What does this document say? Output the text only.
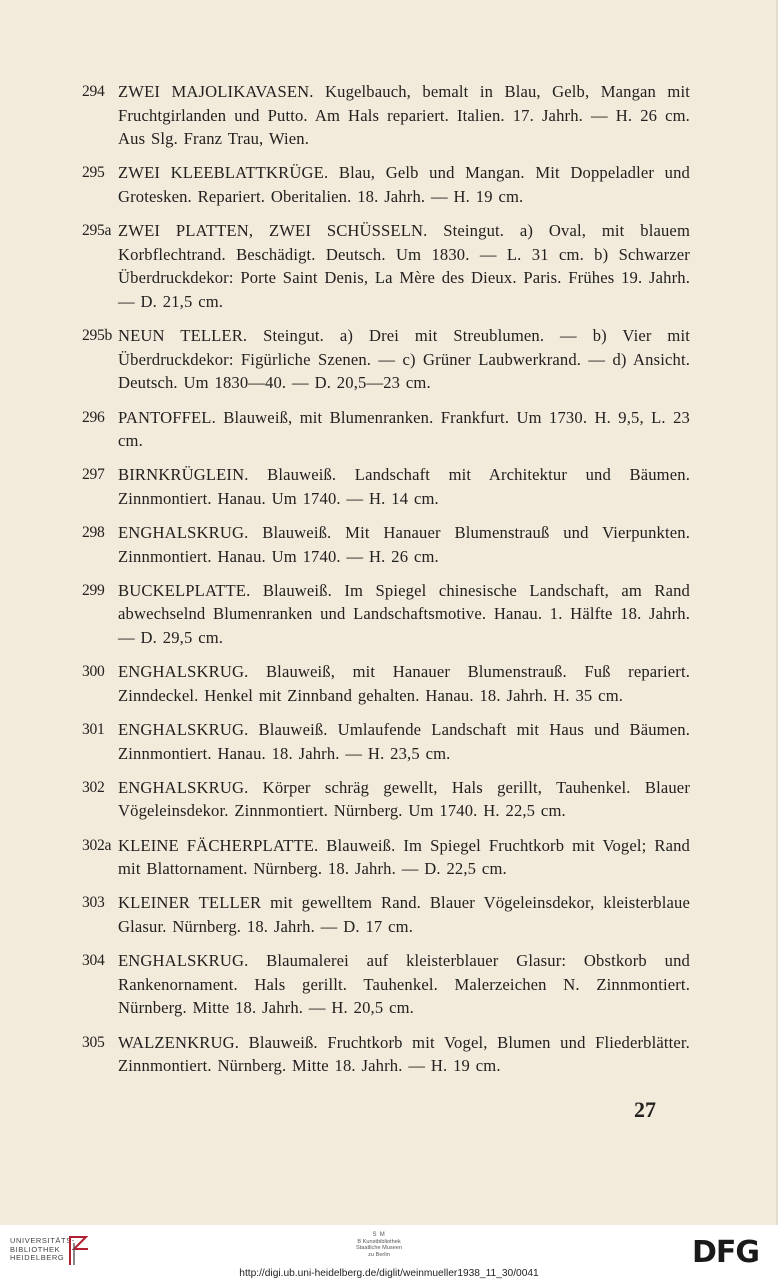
294 ZWEI MAJOLIKAVASEN. Kugelbauch, bemalt in Blau, Gelb, Mangan mit Fruchtgirlanden und Putto. Am Hals repariert. Italien. 17. Jahrh. — H. 26 cm. Aus Slg. Franz Trau, Wien.
295 ZWEI KLEEBLATTKRÜGE. Blau, Gelb und Mangan. Mit Doppeladler und Grotesken. Repariert. Oberitalien. 18. Jahrh. — H. 19 cm.
295a ZWEI PLATTEN, ZWEI SCHÜSSELN. Steingut. a) Oval, mit blauem Korbflechtrand. Beschädigt. Deutsch. Um 1830. — L. 31 cm. b) Schwarzer Überdruckdekor: Porte Saint Denis, La Mère des Dieux. Paris. Frühes 19. Jahrh. — D. 21,5 cm.
295b NEUN TELLER. Steingut. a) Drei mit Streublumen. — b) Vier mit Überdruckdekor: Figürliche Szenen. — c) Grüner Laubwerkrand. — d) Ansicht. Deutsch. Um 1830—40. — D. 20,5—23 cm.
296 PANTOFFEL. Blauweiß, mit Blumenranken. Frankfurt. Um 1730. H. 9,5, L. 23 cm.
297 BIRNKRÜGLEIN. Blauweiß. Landschaft mit Architektur und Bäumen. Zinnmontiert. Hanau. Um 1740. — H. 14 cm.
298 ENGHALSKRUG. Blauweiß. Mit Hanauer Blumenstrauß und Vierpunkten. Zinnmontiert. Hanau. Um 1740. — H. 26 cm.
299 BUCKELPLATTE. Blauweiß. Im Spiegel chinesische Landschaft, am Rand abwechselnd Blumenranken und Landschaftsmotive. Hanau. 1. Hälfte 18. Jahrh. — D. 29,5 cm.
300 ENGHALSKRUG. Blauweiß, mit Hanauer Blumenstrauß. Fuß repariert. Zinndeckel. Henkel mit Zinnband gehalten. Hanau. 18. Jahrh. H. 35 cm.
301 ENGHALSKRUG. Blauweiß. Umlaufende Landschaft mit Haus und Bäumen. Zinnmontiert. Hanau. 18. Jahrh. — H. 23,5 cm.
302 ENGHALSKRUG. Körper schräg gewellt, Hals gerillt, Tauhenkel. Blauer Vögeleinsdekor. Zinnmontiert. Nürnberg. Um 1740. H. 22,5 cm.
302a KLEINE FÄCHERPLATTE. Blauweiß. Im Spiegel Fruchtkorb mit Vogel; Rand mit Blattornament. Nürnberg. 18. Jahrh. — D. 22,5 cm.
303 KLEINER TELLER mit gewelltem Rand. Blauer Vögeleinsdekor, kleisterblaue Glasur. Nürnberg. 18. Jahrh. — D. 17 cm.
304 ENGHALSKRUG. Blaumalerei auf kleisterblauer Glasur: Obstkorb und Rankenornament. Hals gerillt. Tauhenkel. Malerzeichen N. Zinnmontiert. Nürnberg. Mitte 18. Jahrh. — H. 20,5 cm.
305 WALZENKRUG. Blauweiß. Fruchtkorb mit Vogel, Blumen und Fliederblätter. Zinnmontiert. Nürnberg. Mitte 18. Jahrh. — H. 19 cm.
27
UNIVERSITÄTS-
BIBLIOTHEK
HEIDELBERG
S M
B Kunstbibliothek
Staatliche Museen
zu Berlin	DFG
http://digi.ub.uni-heidelberg.de/diglit/weinmueller1938_11_30/0041
